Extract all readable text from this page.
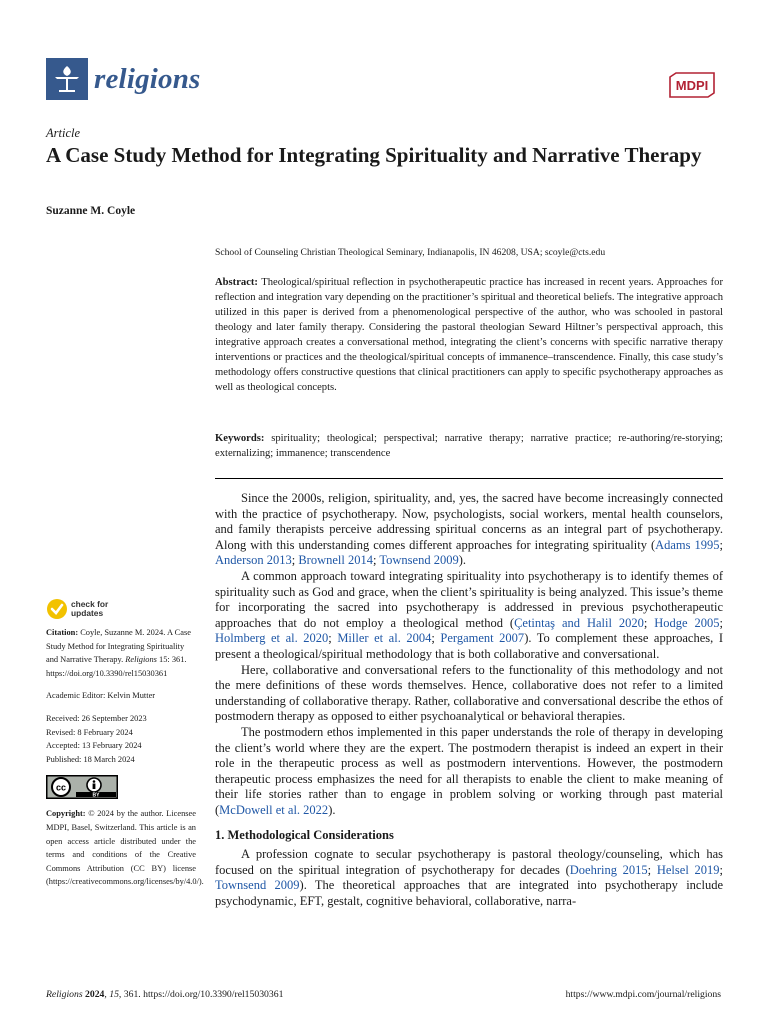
religions	MDPI
Article
A Case Study Method for Integrating Spirituality and Narrative Therapy
Suzanne M. Coyle
School of Counseling Christian Theological Seminary, Indianapolis, IN 46208, USA; scoyle@cts.edu
Abstract: Theological/spiritual reflection in psychotherapeutic practice has increased in recent years. Approaches for reflection and integration vary depending on the practitioner’s spiritual and theoretical beliefs. The integrative approach utilized in this paper is derived from a phenomenological perspective of the author, who was schooled in pastoral theology and later family therapy. Considering the pastoral theologian Seward Hiltner’s perspectival approach, this integrative approach creates a conversational method, integrating the client’s concerns with specific narrative therapy interventions or practices and the theological/spiritual concepts of immanence–transcendence. Finally, this case study’s methodology offers constructive questions that clinical practitioners can apply to specific psychotherapy approaches as well as theological concepts.
Keywords: spirituality; theological; perspectival; narrative therapy; narrative practice; re-authoring/re-storying; externalizing; immanence; transcendence

Since the 2000s, religion, spirituality, and, yes, the sacred have become increasingly connected with the practice of psychotherapy. Now, psychologists, social workers, mental health counselors, and family therapists perceive addressing spiritual concerns as an integral part of psychotherapy. Along with this understanding comes different approaches for integrating spirituality (Adams 1995; Anderson 2013; Brownell 2014; Townsend 2009).

A common approach toward integrating spirituality into psychotherapy is to identify themes of spirituality such as God and grace, when the client’s spirituality is being analyzed. This issue’s theme for incorporating the sacred into psychotherapy is addressed in previous psychotherapeutic approaches that do not employ a theological method (Çetintaş and Halil 2020; Hodge 2005; Holmberg et al. 2020; Miller et al. 2004; Pergament 2007). To complement these approaches, I present a theological/spiritual methodology that is both collaborative and conversational.

Here, collaborative and conversational refers to the functionality of this methodology and not the mere definitions of these words themselves. Hence, collaborative does not refer to a limited understanding of collaborative therapy. Rather, collaborative and conversational describe the ethos of postmodern therapy as opposed to either psychoanalytical or behavioral therapies.

The postmodern ethos implemented in this paper understands the role of therapy in developing the client’s world where they are the expert. The postmodern therapist is indeed an expert in their role in the therapeutic process as well as postmodern interventions. However, the postmodern therapeutic process emphasizes the need for all therapists to enable the client to make meaning of their life stories rather than to engage in problem solving or working through past material (McDowell et al. 2022).

1. Methodological Considerations

A profession cognate to secular psychotherapy is pastoral theology/counseling, which has focused on the spiritual integration of psychotherapy for decades (Doehring 2015; Helsel 2019; Townsend 2009). The theoretical approaches that are integrated into psychotherapy include psychodynamic, EFT, gestalt, cognitive behavioral, collaborative, narra-

check for
updates
Citation: Coyle, Suzanne M. 2024. A Case Study Method for Integrating Spirituality and Narrative Therapy. Religions 15: 361. https://doi.org/10.3390/rel15030361
Academic Editor: Kelvin Mutter
Received: 26 September 2023
Revised: 8 February 2024
Accepted: 13 February 2024
Published: 18 March 2024
cc
BY
Copyright: © 2024 by the author. Licensee MDPI, Basel, Switzerland. This article is an open access article distributed under the terms and conditions of the Creative Commons Attribution (CC BY) license (https://creativecommons.org/licenses/by/4.0/).
Religions 2024, 15, 361. https://doi.org/10.3390/rel15030361	https://www.mdpi.com/journal/religions
